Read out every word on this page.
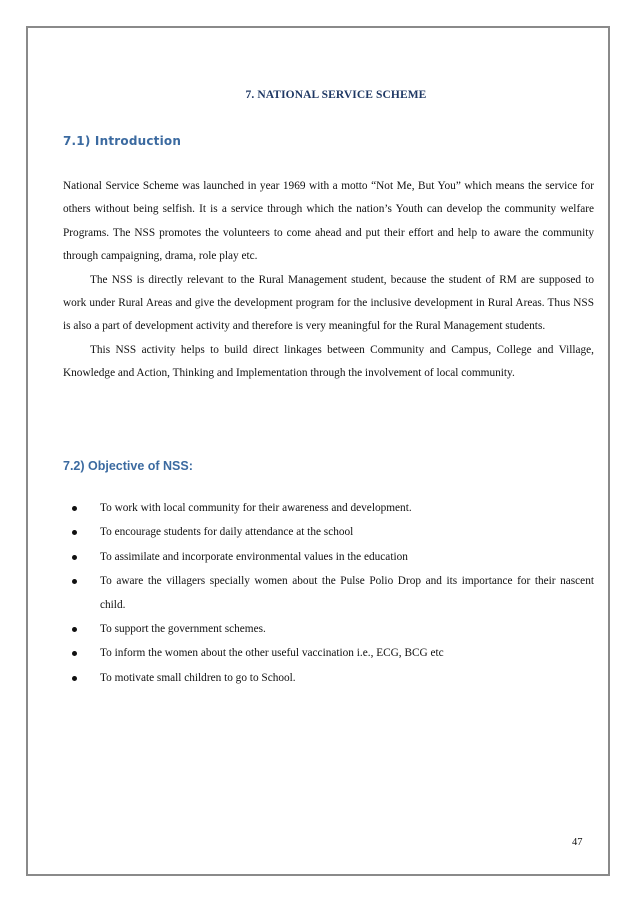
7. NATIONAL SERVICE SCHEME
7.1) Introduction

National Service Scheme was launched in year 1969 with a motto “Not Me, But You” which means the service for others without being selfish. It is a service through which the nation’s Youth can develop the community welfare Programs. The NSS promotes the volunteers to come ahead and put their effort and help to aware the community through campaigning, drama, role play etc.

The NSS is directly relevant to the Rural Management student, because the student of RM are supposed to work under Rural Areas and give the development program for the inclusive development in Rural Areas. Thus NSS is also a part of development activity and therefore is very meaningful for the Rural Management students.

This NSS activity helps to build direct linkages between Community and Campus, College and Village, Knowledge and Action, Thinking and Implementation through the involvement of local community.

7.2) Objective of NSS:
To work with local community for their awareness and development.
To encourage students for daily attendance at the school
To assimilate and incorporate environmental values in the education
To aware the villagers specially women about the Pulse Polio Drop and its importance for their nascent child.
To support the government schemes.
To inform the women about the other useful vaccination i.e., ECG, BCG etc
To motivate small children to go to School.
47
